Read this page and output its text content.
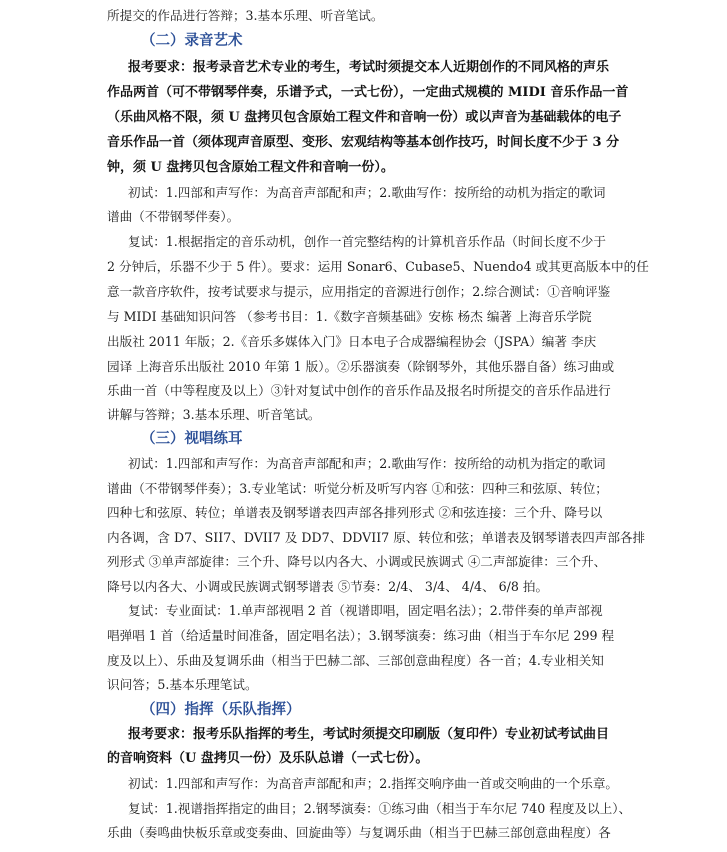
所提交的作品进行答辩；3.基本乐理、听音笔试。
（二）录音艺术
报考要求：报考录音艺术专业的考生，考试时须提交本人近期创作的不同风格的声乐
作品两首（可不带钢琴伴奏，乐谱予式，一式七份），一定曲式规模的 MIDI 音乐作品一首
（乐曲风格不限，须 U 盘拷贝包含原始工程文件和音响一份）或以声音为基础载体的电子
音乐作品一首（须体现声音原型、变形、宏观结构等基本创作技巧，时间长度不少于 3 分
钟，须 U 盘拷贝包含原始工程文件和音响一份）。
初试：1.四部和声写作：为高音声部配和声；2.歌曲写作：按所给的动机为指定的歌词
谱曲（不带钢琴伴奏）。
复试：1.根据指定的音乐动机，创作一首完整结构的计算机音乐作品（时间长度不少于
2 分钟后，乐器不少于 5 件）。要求：运用 Sonar6、Cubase5、Nuendo4 或其更高版本中的任
意一款音序软件，按考试要求与提示，应用指定的音源进行创作；2.综合测试：①音响评鉴
与 MIDI 基础知识问答 （参考书目：1.《数字音频基础》安栋 杨杰 编著 上海音乐学院
出版社 2011 年版；2.《音乐多媒体入门》日本电子合成器编程协会（JSPA）编著 李庆
园译 上海音乐出版社 2010 年第 1 版）。②乐器演奏（除钢琴外，其他乐器自备）练习曲或
乐曲一首（中等程度及以上）③针对复试中创作的音乐作品及报名时所提交的音乐作品进行
讲解与答辩；3.基本乐理、听音笔试。
（三）视唱练耳
初试：1.四部和声写作：为高音声部配和声；2.歌曲写作：按所给的动机为指定的歌词
谱曲（不带钢琴伴奏）；3.专业笔试：听觉分析及听写内容 ①和弦：四种三和弦原、转位；
四种七和弦原、转位；单谱表及钢琴谱表四声部各排列形式 ②和弦连接：三个升、降号以
内各调，含 D7、SII7、DVII7 及 DD7、DDVII7 原、转位和弦；单谱表及钢琴谱表四声部各排
列形式 ③单声部旋律：三个升、降号以内各大、小调或民族调式 ④二声部旋律：三个升、
降号以内各大、小调或民族调式钢琴谱表 ⑤节奏：2/4、 3/4、 4/4、 6/8 拍。
复试：专业面试：1.单声部视唱 2 首（视谱即唱，固定唱名法）；2.带伴奏的单声部视
唱弹唱 1 首（给适量时间准备，固定唱名法）；3.钢琴演奏：练习曲（相当于车尔尼 299 程
度及以上）、乐曲及复调乐曲（相当于巴赫二部、三部创意曲程度）各一首；4.专业相关知
识问答；5.基本乐理笔试。
（四）指挥（乐队指挥）
报考要求：报考乐队指挥的考生，考试时须提交印刷版（复印件）专业初试考试曲目
的音响资料（U 盘拷贝一份）及乐队总谱（一式七份）。
初试：1.四部和声写作：为高音声部配和声；2.指挥交响序曲一首或交响曲的一个乐章。
复试：1.视谱指挥指定的曲目；2.钢琴演奏：①练习曲（相当于车尔尼 740 程度及以上）、
乐曲（奏鸣曲快板乐章或变奏曲、回旋曲等）与复调乐曲（相当于巴赫三部创意曲程度）各
